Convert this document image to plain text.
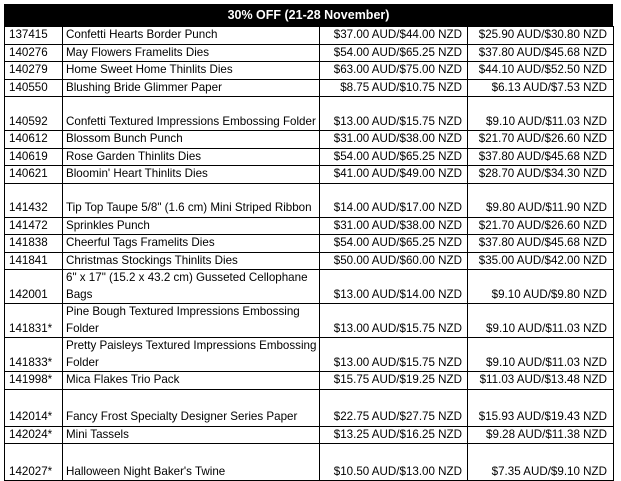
30% OFF (21-28 November)
137415	Confetti Hearts Border Punch	$37.00 AUD/$44.00 NZD	$25.90 AUD/$30.80 NZD
140276	May Flowers Framelits Dies	$54.00 AUD/$65.25 NZD	$37.80 AUD/$45.68 NZD
140279	Home Sweet Home Thinlits Dies	$63.00 AUD/$75.00 NZD	$44.10 AUD/$52.50 NZD
140550	Blushing Bride Glimmer Paper	$8.75 AUD/$10.75 NZD	$6.13 AUD/$7.53 NZD
140592	Confetti Textured Impressions Embossing Folder	$13.00 AUD/$15.75 NZD	$9.10 AUD/$11.03 NZD
140612	Blossom Bunch Punch	$31.00 AUD/$38.00 NZD	$21.70 AUD/$26.60 NZD
140619	Rose Garden Thinlits Dies	$54.00 AUD/$65.25 NZD	$37.80 AUD/$45.68 NZD
140621	Bloomin' Heart Thinlits Dies	$41.00 AUD/$49.00 NZD	$28.70 AUD/$34.30 NZD
141432	Tip Top Taupe 5/8" (1.6 cm) Mini Striped Ribbon	$14.00 AUD/$17.00 NZD	$9.80 AUD/$11.90 NZD
141472	Sprinkles Punch	$31.00 AUD/$38.00 NZD	$21.70 AUD/$26.60 NZD
141838	Cheerful Tags Framelits Dies	$54.00 AUD/$65.25 NZD	$37.80 AUD/$45.68 NZD
141841	Christmas Stockings Thinlits Dies	$50.00 AUD/$60.00 NZD	$35.00 AUD/$42.00 NZD
142001	6" x 17" (15.2 x 43.2 cm) Gusseted Cellophane Bags	$13.00 AUD/$14.00 NZD	$9.10 AUD/$9.80 NZD
141831*	Pine Bough Textured Impressions Embossing Folder	$13.00 AUD/$15.75 NZD	$9.10 AUD/$11.03 NZD
141833*	Pretty Paisleys Textured Impressions Embossing Folder	$13.00 AUD/$15.75 NZD	$9.10 AUD/$11.03 NZD
141998*	Mica Flakes Trio Pack	$15.75 AUD/$19.25 NZD	$11.03 AUD/$13.48 NZD
142014*	Fancy Frost Specialty Designer Series Paper	$22.75 AUD/$27.75 NZD	$15.93 AUD/$19.43 NZD
142024*	Mini Tassels	$13.25 AUD/$16.25 NZD	$9.28 AUD/$11.38 NZD
142027*	Halloween Night Baker's Twine	$10.50 AUD/$13.00 NZD	$7.35 AUD/$9.10 NZD
